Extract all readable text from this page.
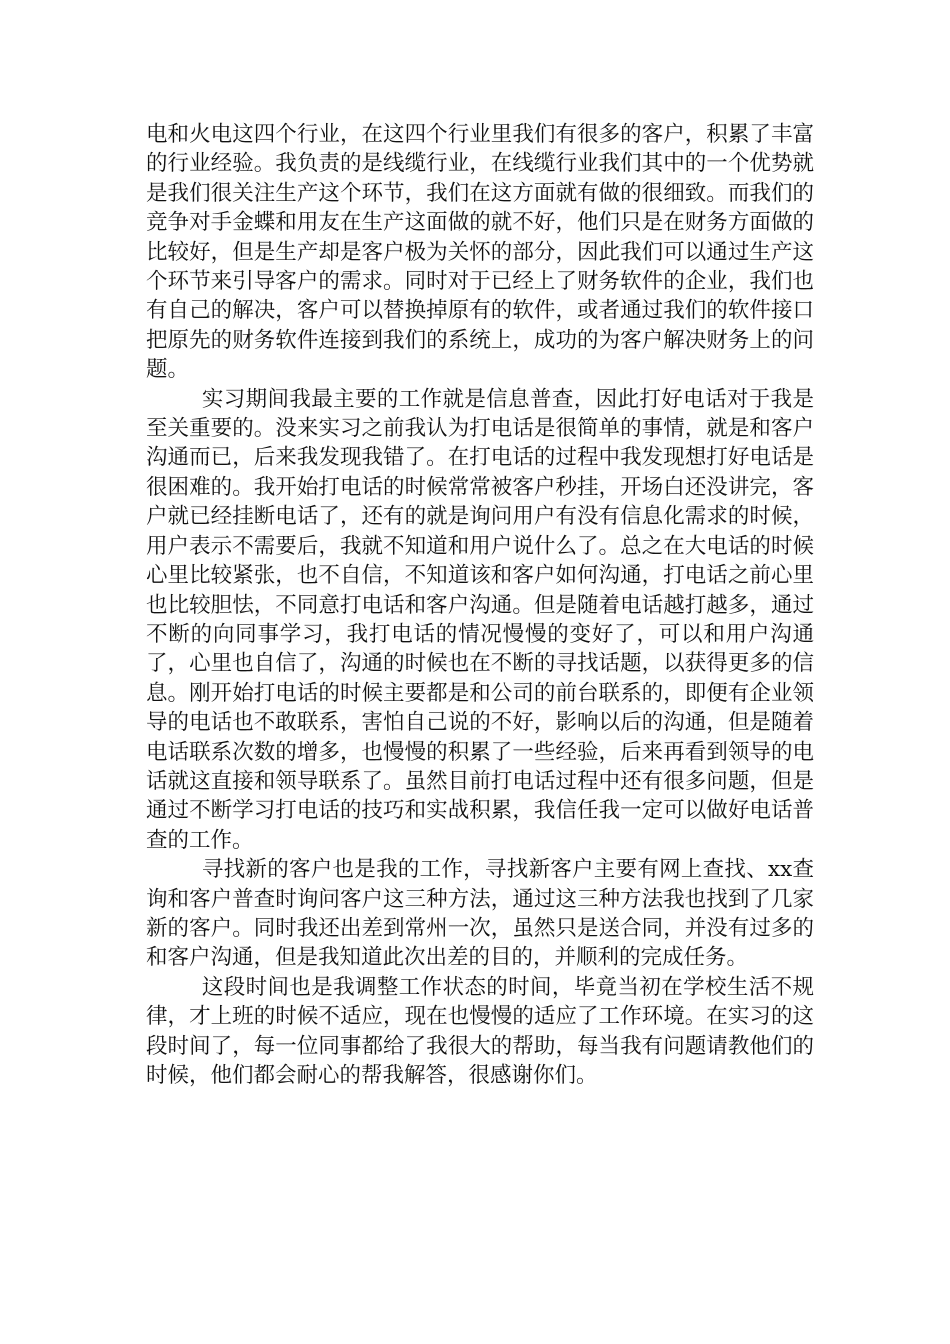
电和火电这四个行业，在这四个行业里我们有很多的客户，积累了丰富的行业经验。我负责的是线缆行业，在线缆行业我们其中的一个优势就是我们很关注生产这个环节，我们在这方面就有做的很细致。而我们的竞争对手金蝶和用友在生产这面做的就不好，他们只是在财务方面做的比较好，但是生产却是客户极为关怀的部分，因此我们可以通过生产这个环节来引导客户的需求。同时对于已经上了财务软件的企业，我们也有自己的解决，客户可以替换掉原有的软件，或者通过我们的软件接口把原先的财务软件连接到我们的系统上，成功的为客户解决财务上的问题。

实习期间我最主要的工作就是信息普查，因此打好电话对于我是至关重要的。没来实习之前我认为打电话是很简单的事情，就是和客户沟通而已，后来我发现我错了。在打电话的过程中我发现想打好电话是很困难的。我开始打电话的时候常常被客户秒挂，开场白还没讲完，客户就已经挂断电话了，还有的就是询问用户有没有信息化需求的时候，用户表示不需要后，我就不知道和用户说什么了。总之在大电话的时候心里比较紧张，也不自信，不知道该和客户如何沟通，打电话之前心里也比较胆怯，不同意打电话和客户沟通。但是随着电话越打越多，通过不断的向同事学习，我打电话的情况慢慢的变好了，可以和用户沟通了，心里也自信了，沟通的时候也在不断的寻找话题，以获得更多的信息。刚开始打电话的时候主要都是和公司的前台联系的，即便有企业领导的电话也不敢联系，害怕自己说的不好，影响以后的沟通，但是随着电话联系次数的增多，也慢慢的积累了一些经验，后来再看到领导的电话就这直接和领导联系了。虽然目前打电话过程中还有很多问题，但是通过不断学习打电话的技巧和实战积累，我信任我一定可以做好电话普查的工作。

寻找新的客户也是我的工作，寻找新客户主要有网上查找、xx查询和客户普查时询问客户这三种方法，通过这三种方法我也找到了几家新的客户。同时我还出差到常州一次，虽然只是送合同，并没有过多的和客户沟通，但是我知道此次出差的目的，并顺利的完成任务。

这段时间也是我调整工作状态的时间，毕竟当初在学校生活不规律，才上班的时候不适应，现在也慢慢的适应了工作环境。在实习的这段时间了，每一位同事都给了我很大的帮助，每当我有问题请教他们的时候，他们都会耐心的帮我解答，很感谢你们。
